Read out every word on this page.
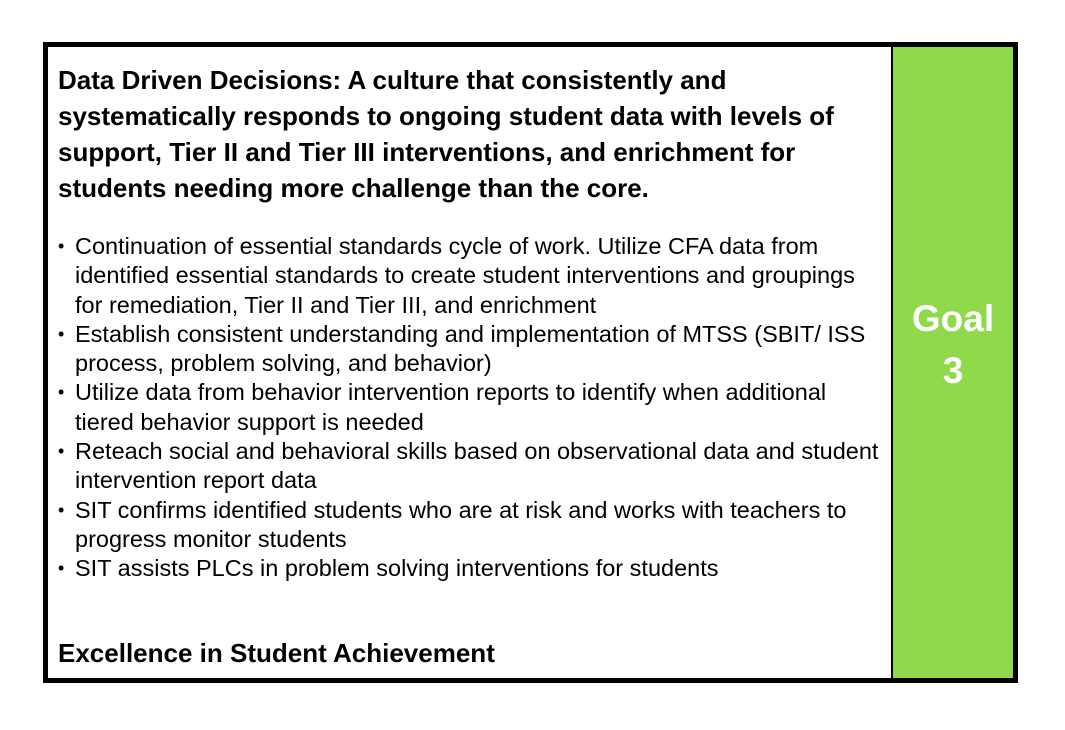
Data Driven Decisions: A culture that consistently and systematically responds to ongoing student data with levels of support, Tier II and Tier III interventions, and enrichment for students needing more challenge than the core.
• Continuation of essential standards cycle of work. Utilize CFA data from identified essential standards to create student interventions and groupings for remediation, Tier II and Tier III, and enrichment
• Establish consistent understanding and implementation of MTSS (SBIT/ ISS process, problem solving, and behavior)
• Utilize data from behavior intervention reports to identify when additional tiered behavior support is needed
• Reteach social and behavioral skills based on observational data and student intervention report data
• SIT confirms identified students who are at risk and works with teachers to progress monitor students
• SIT assists PLCs in problem solving interventions for students

Excellence in Student Achievement

Goal
3
